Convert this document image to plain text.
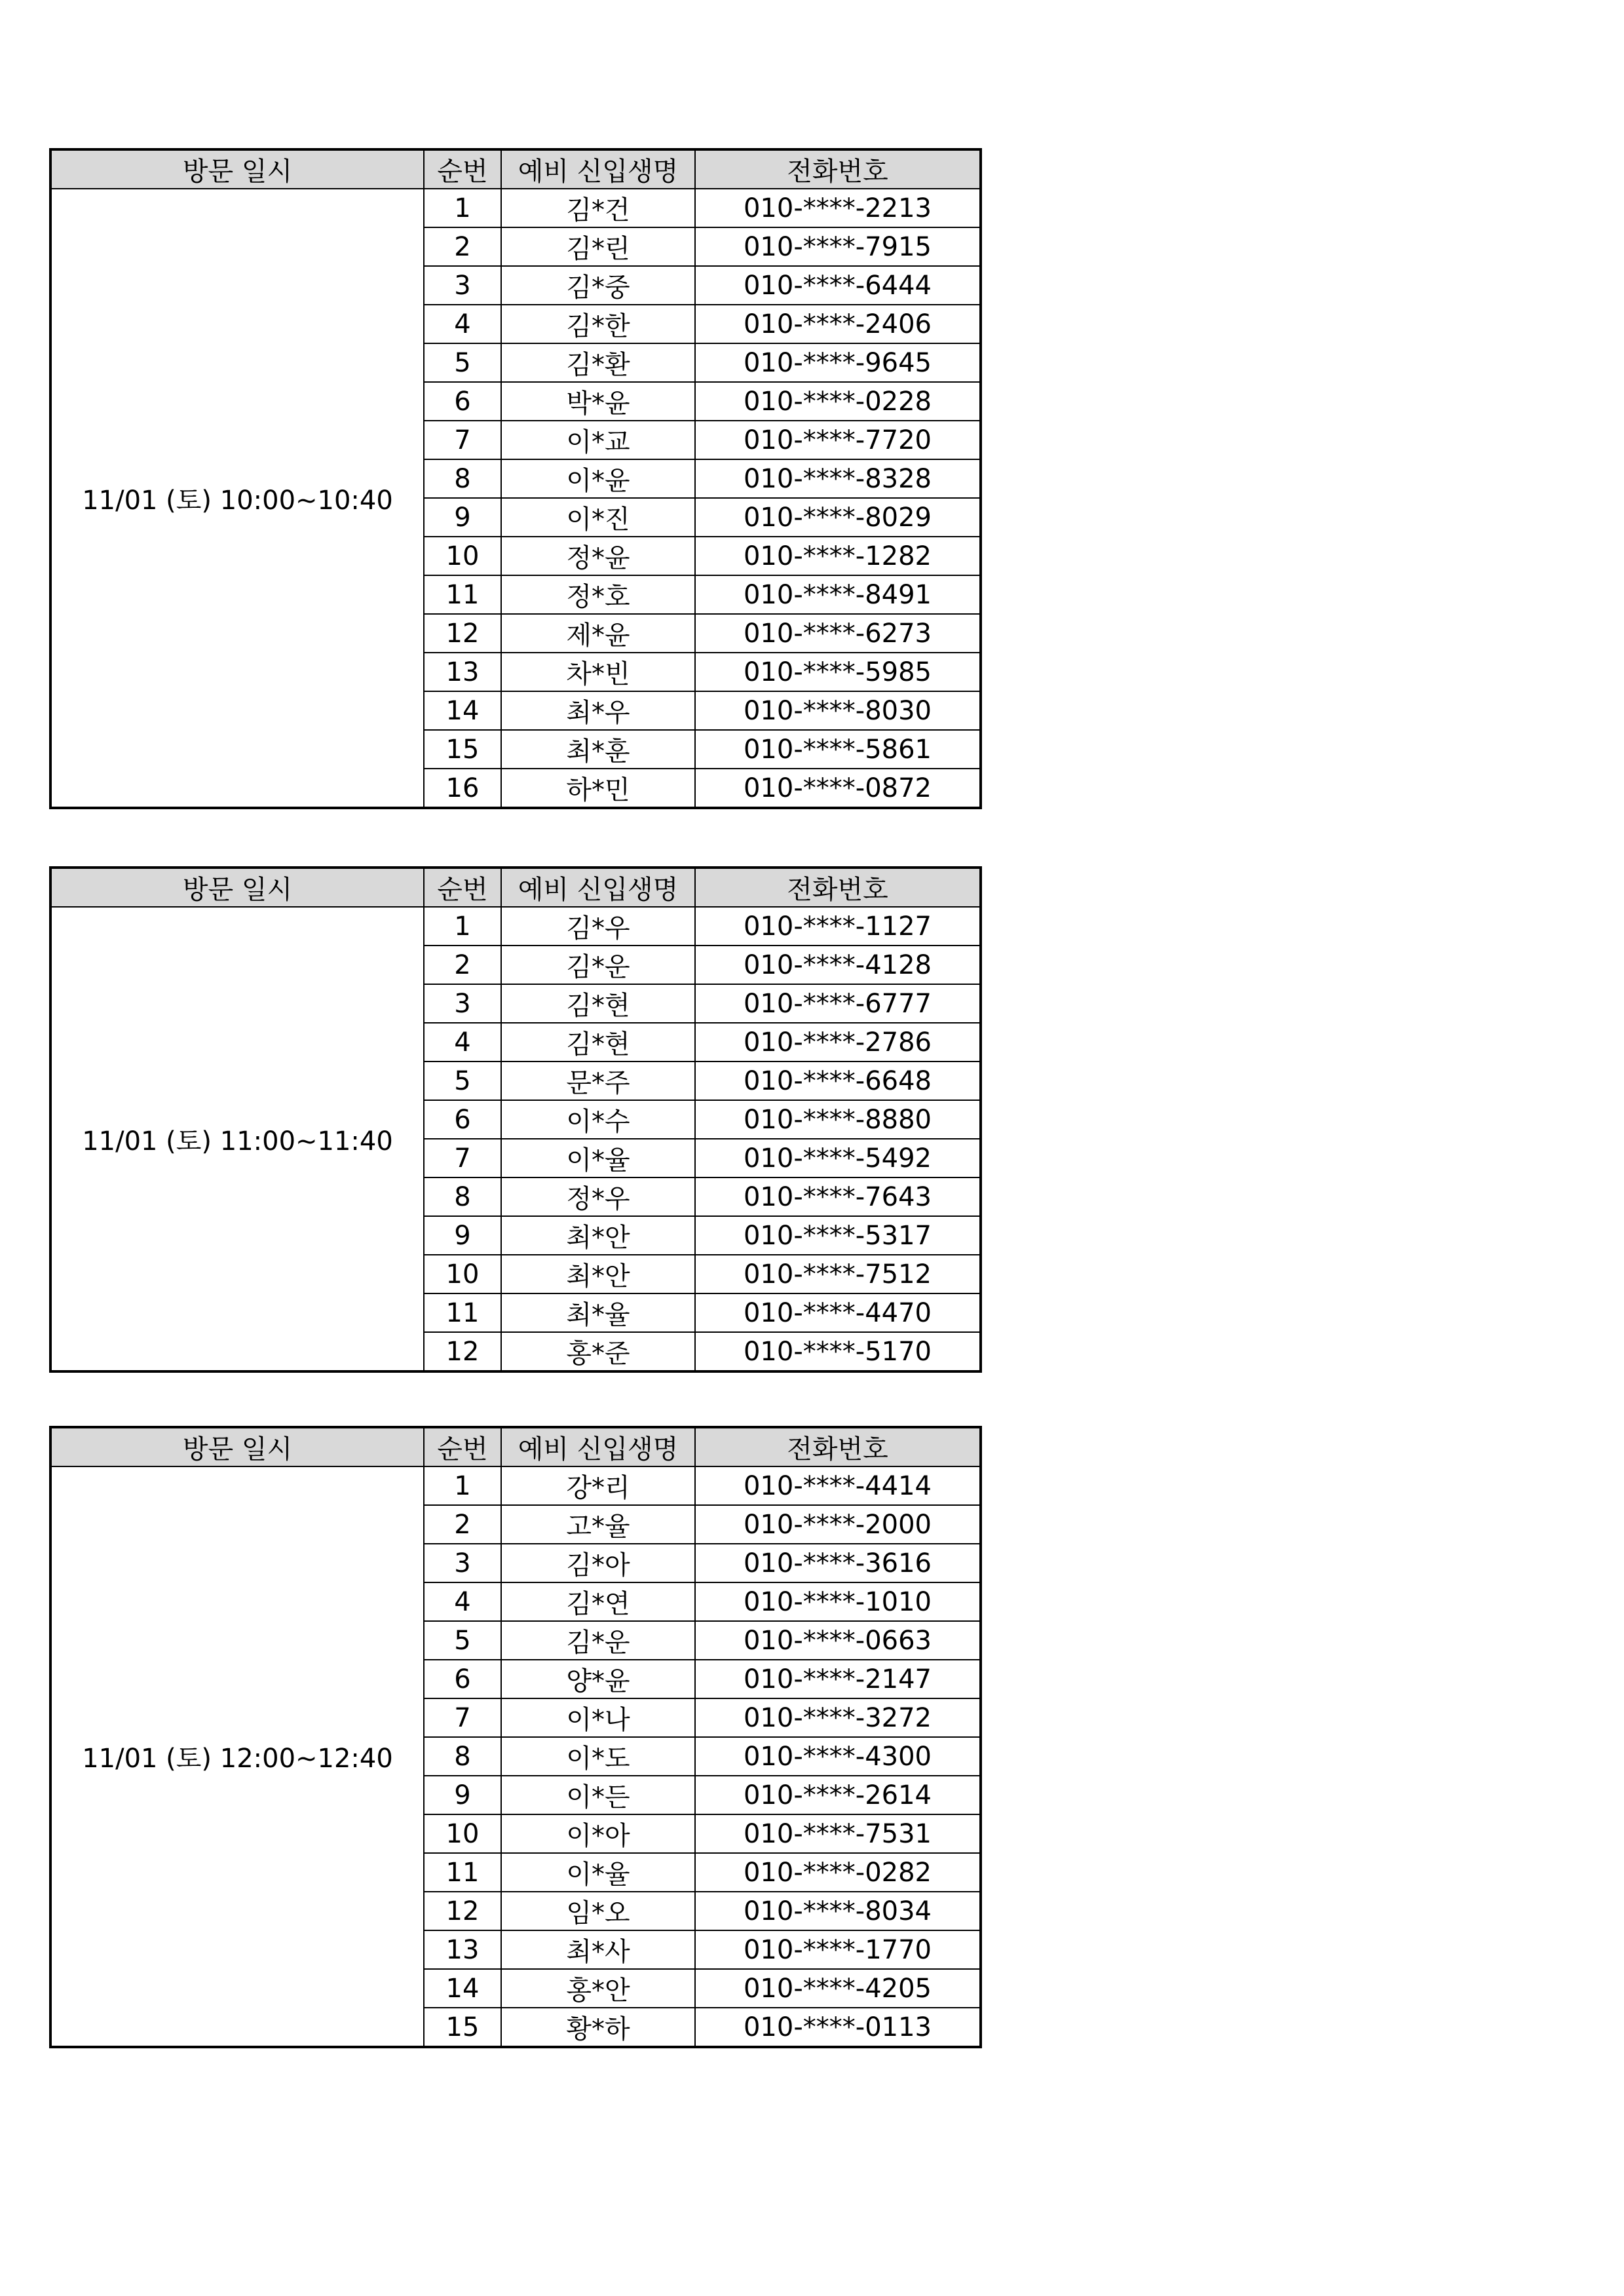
방문 일시	순번	예비 신입생명	전화번호
11/01 (토) 10:00~10:40	1	김*건	010-****-2213
	2	김*린	010-****-7915
	3	김*중	010-****-6444
	4	김*한	010-****-2406
	5	김*환	010-****-9645
	6	박*윤	010-****-0228
	7	이*교	010-****-7720
	8	이*윤	010-****-8328
	9	이*진	010-****-8029
	10	정*윤	010-****-1282
	11	정*호	010-****-8491
	12	제*윤	010-****-6273
	13	차*빈	010-****-5985
	14	최*우	010-****-8030
	15	최*훈	010-****-5861
	16	하*민	010-****-0872
방문 일시	순번	예비 신입생명	전화번호
11/01 (토) 11:00~11:40	1	김*우	010-****-1127
	2	김*운	010-****-4128
	3	김*현	010-****-6777
	4	김*현	010-****-2786
	5	문*주	010-****-6648
	6	이*수	010-****-8880
	7	이*율	010-****-5492
	8	정*우	010-****-7643
	9	최*안	010-****-5317
	10	최*안	010-****-7512
	11	최*율	010-****-4470
	12	홍*준	010-****-5170
방문 일시	순번	예비 신입생명	전화번호
11/01 (토) 12:00~12:40	1	강*리	010-****-4414
	2	고*율	010-****-2000
	3	김*아	010-****-3616
	4	김*연	010-****-1010
	5	김*운	010-****-0663
	6	양*윤	010-****-2147
	7	이*나	010-****-3272
	8	이*도	010-****-4300
	9	이*든	010-****-2614
	10	이*아	010-****-7531
	11	이*율	010-****-0282
	12	임*오	010-****-8034
	13	최*사	010-****-1770
	14	홍*안	010-****-4205
	15	황*하	010-****-0113
